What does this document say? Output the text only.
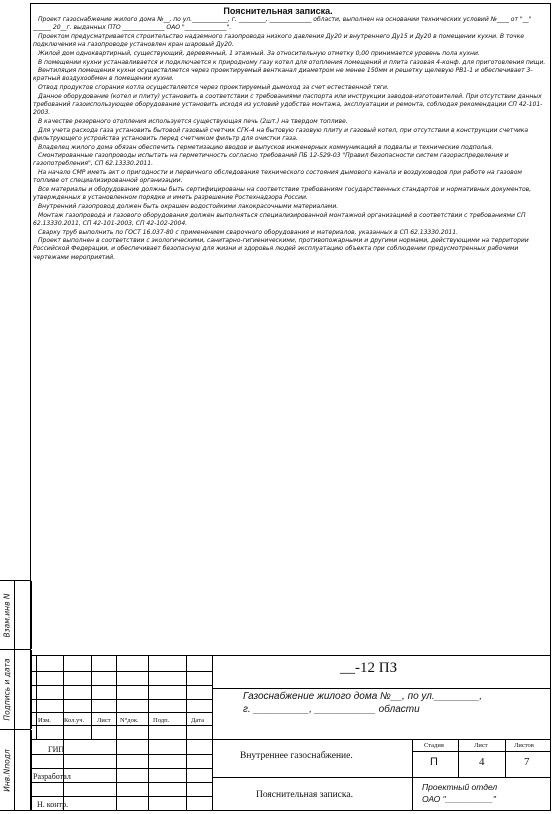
Пояснительная записка.

Проект газоснабжение жилого дома №__, по ул.____________, г. _________, ______________ области, выполнен на основании технических условий №____ от "__" ______ 20__г. выданных ПТО ______________ ОАО "______________".

Проектом предусматривается строительство надземного газопровода низкого давления Ду20 и внутреннего Ду15 и Ду20 в помещении кухни. В точке подключения на газопроводе установлен кран шаровый Ду20.

Жилой дом одноквартирный, существующий, деревянный, 1 этажный. За относительную отметку 0,00 принимается уровень пола кухни.

В помещении кухни устанавливается и подключается к природному газу котел для отопления помещений и плита газовая 4-конф. для приготовления пищи.

Вентиляция помещения кухни осуществляется через проектируемый вентканал диаметром не менее 150мм и решетку щелевую РВ1-1 и обеспечивает 3-кратный воздухообмен в помещении кухни.

Отвод продуктов сгорания котла осуществляется через проектируемый дымоход за счет естественной тяги.

Данное оборудование (котел и плиту) установить в соответствии с требованиями паспорта или инструкции заводов-изготовителей. При отсутствии данных требований газоиспользующее оборудование установить исходя из условий удобства монтажа, эксплуатации и ремонта, соблюдая рекомендации СП 42-101-2003.

В качестве резервного отопления используется существующая печь (2шт.) на твердом топливе.

Для учета расхода газа установить бытовой газовый счетчик СГК-4 на бытовую газовую плиту и газовый котел, при отсутствии в конструкции счетчика фильтрующего устройства установить перед счетчиком фильтр для очистки газа.

Владелец жилого дома обязан обеспечить герметизацию вводов и выпусков инженерных коммуникаций в подвалы и технические подполья.

Смонтированные газопроводы испытать на герметичность согласно требований ПБ 12-529-03 "Правил безопасности систем газораспределения и газопотребления", СП 62.13330.2011.

На начало СМР иметь акт о пригодности и первичного обследования технического состояния дымового канала и воздуховодов при работе на газовом топливе от специализированной организации.

Все материалы и оборудование должны быть сертифицированы на соответствие требованиям государственных стандартов и нормативных документов, утвержденных в установленном порядке и иметь разрешение Ростехнадзора России.

Внутренний газопровод должен быть окрашен водостойкими лакокрасочными материалами.

Монтаж газопровода и газового оборудования должен выполняться специализированной монтажной организацией в соответствии с требованиями СП 62.13330.2011, СП 42-101-2003, СП 42-102-2004.

Сварку труб выполнить по ГОСТ 16.037-80 с применением сварочного оборудования и материалов, указанных в СП 62.13330.2011.

Проект выполнен в соответствии с экологическими, санитарно-гигиеническими, противопожарными и другими нормами, действующими на территории Российской Федерации, и обеспечивает безопасную для жизни и здоровья людей эксплуатацию объекта при соблюдении предусмотренных рабочими чертежами мероприятий.

Взам.инв N
Подпись и дата
Инв.Nподл
Изм. Кол.уч. Лист N°док. Подп.	Дата
ГИП
Разработал
Н. контр.
__-12 ПЗ
Газоснабжение жилого дома №__, по ул.________,
г. __________, ___________ области
Внутреннее газоснабжение.
Пояснительная записка.
Стадия	Лист	Листов
П	4	7
Проектный отдел
ОАО "__________"
